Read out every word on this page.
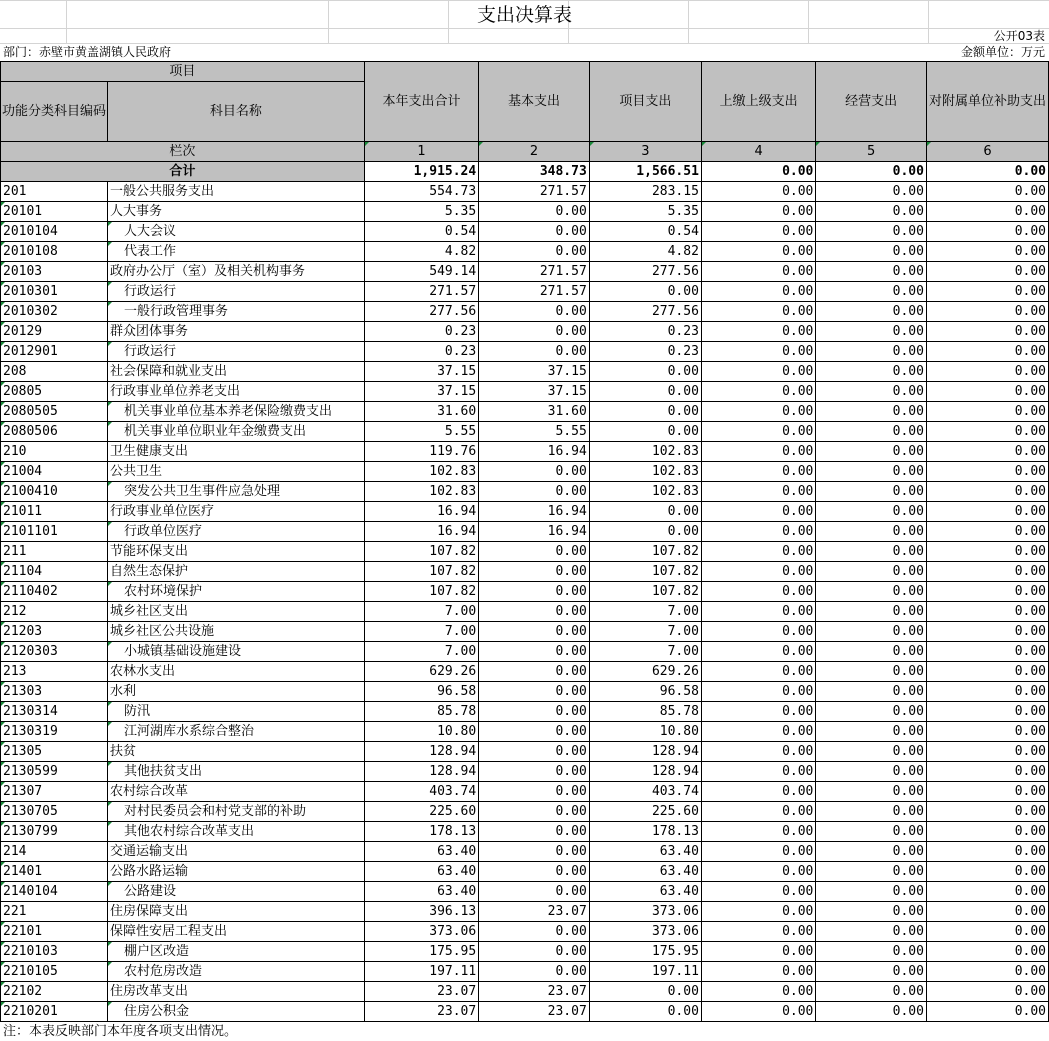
支出决算表
公开03表
部门：赤壁市黄盖湖镇人民政府	金额单位：万元
项目		本年支出合计	基本支出	项目支出	上缴上级支出	经营支出	对附属单位补助支出
功能分类科目编码	科目名称						

栏次		1	2	3	4	5	6
合计		1,915.24	348.73	1,566.51	0.00	0.00	0.00
201	一般公共服务支出	554.73	271.57	283.15	0.00	0.00	0.00
20101	人大事务	5.35	0.00	5.35	0.00	0.00	0.00
2010104	人大会议	0.54	0.00	0.54	0.00	0.00	0.00
2010108	代表工作	4.82	0.00	4.82	0.00	0.00	0.00
20103	政府办公厅（室）及相关机构事务	549.14	271.57	277.56	0.00	0.00	0.00
2010301	行政运行	271.57	271.57	0.00	0.00	0.00	0.00
2010302	一般行政管理事务	277.56	0.00	277.56	0.00	0.00	0.00
20129	群众团体事务	0.23	0.00	0.23	0.00	0.00	0.00
2012901	行政运行	0.23	0.00	0.23	0.00	0.00	0.00
208	社会保障和就业支出	37.15	37.15	0.00	0.00	0.00	0.00
20805	行政事业单位养老支出	37.15	37.15	0.00	0.00	0.00	0.00
2080505	机关事业单位基本养老保险缴费支出	31.60	31.60	0.00	0.00	0.00	0.00
2080506	机关事业单位职业年金缴费支出	5.55	5.55	0.00	0.00	0.00	0.00
210	卫生健康支出	119.76	16.94	102.83	0.00	0.00	0.00
21004	公共卫生	102.83	0.00	102.83	0.00	0.00	0.00
2100410	突发公共卫生事件应急处理	102.83	0.00	102.83	0.00	0.00	0.00
21011	行政事业单位医疗	16.94	16.94	0.00	0.00	0.00	0.00
2101101	行政单位医疗	16.94	16.94	0.00	0.00	0.00	0.00
211	节能环保支出	107.82	0.00	107.82	0.00	0.00	0.00
21104	自然生态保护	107.82	0.00	107.82	0.00	0.00	0.00
2110402	农村环境保护	107.82	0.00	107.82	0.00	0.00	0.00
212	城乡社区支出	7.00	0.00	7.00	0.00	0.00	0.00
21203	城乡社区公共设施	7.00	0.00	7.00	0.00	0.00	0.00
2120303	小城镇基础设施建设	7.00	0.00	7.00	0.00	0.00	0.00
213	农林水支出	629.26	0.00	629.26	0.00	0.00	0.00
21303	水利	96.58	0.00	96.58	0.00	0.00	0.00
2130314	防汛	85.78	0.00	85.78	0.00	0.00	0.00
2130319	江河湖库水系综合整治	10.80	0.00	10.80	0.00	0.00	0.00
21305	扶贫	128.94	0.00	128.94	0.00	0.00	0.00
2130599	其他扶贫支出	128.94	0.00	128.94	0.00	0.00	0.00
21307	农村综合改革	403.74	0.00	403.74	0.00	0.00	0.00
2130705	对村民委员会和村党支部的补助	225.60	0.00	225.60	0.00	0.00	0.00
2130799	其他农村综合改革支出	178.13	0.00	178.13	0.00	0.00	0.00
214	交通运输支出	63.40	0.00	63.40	0.00	0.00	0.00
21401	公路水路运输	63.40	0.00	63.40	0.00	0.00	0.00
2140104	公路建设	63.40	0.00	63.40	0.00	0.00	0.00
221	住房保障支出	396.13	23.07	373.06	0.00	0.00	0.00
22101	保障性安居工程支出	373.06	0.00	373.06	0.00	0.00	0.00
2210103	棚户区改造	175.95	0.00	175.95	0.00	0.00	0.00
2210105	农村危房改造	197.11	0.00	197.11	0.00	0.00	0.00
22102	住房改革支出	23.07	23.07	0.00	0.00	0.00	0.00
2210201	住房公积金	23.07	23.07	0.00	0.00	0.00	0.00
注：本表反映部门本年度各项支出情况。
